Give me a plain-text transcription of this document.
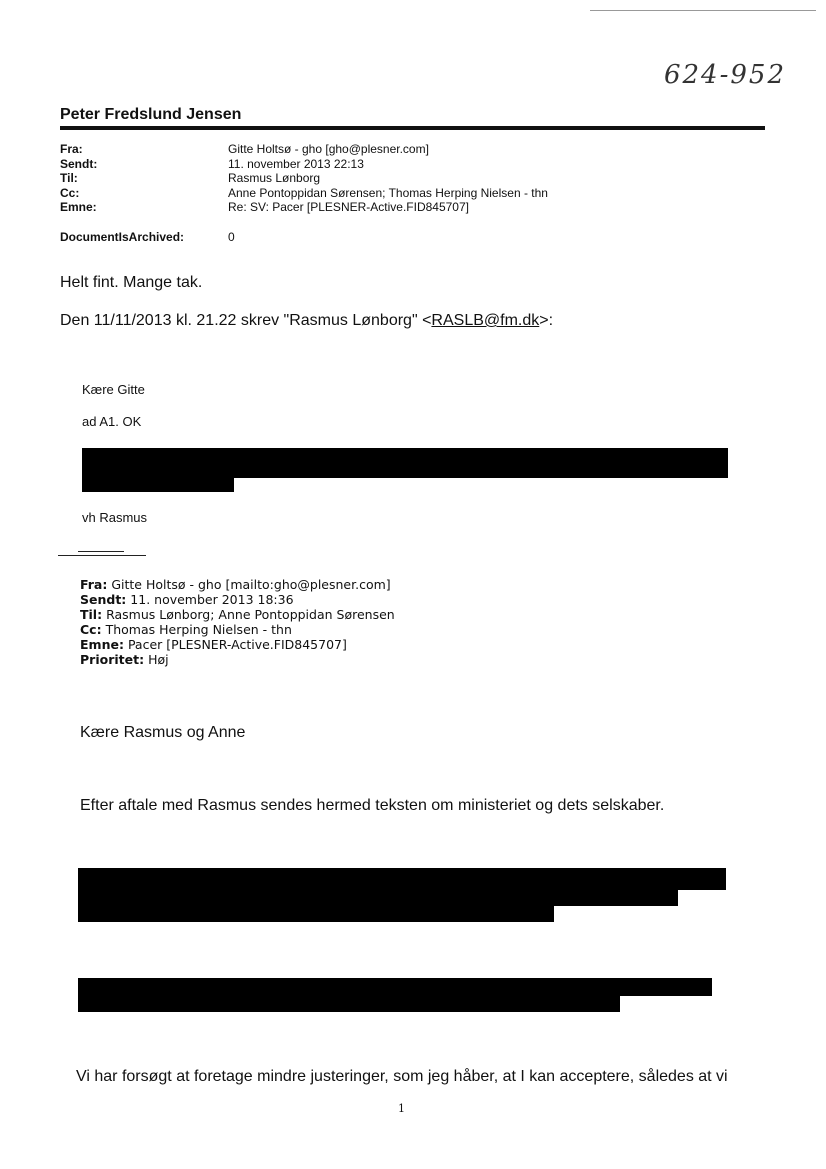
624-952
Peter Fredslund Jensen
Fra:	Gitte Holtsø - gho [gho@plesner.com]
Sendt:	11. november 2013 22:13
Til:	Rasmus Lønborg
Cc:	Anne Pontoppidan Sørensen; Thomas Herping Nielsen - thn
Emne:	Re: SV: Pacer [PLESNER-Active.FID845707]
DocumentIsArchived:	0
Helt fint. Mange tak.
Den 11/11/2013 kl. 21.22 skrev "Rasmus Lønborg" <RASLB@fm.dk>:
Kære Gitte
ad A1. OK
vh Rasmus
Fra: Gitte Holtsø - gho [mailto:gho@plesner.com]
Sendt: 11. november 2013 18:36
Til: Rasmus Lønborg; Anne Pontoppidan Sørensen
Cc: Thomas Herping Nielsen - thn
Emne: Pacer [PLESNER-Active.FID845707]
Prioritet: Høj
Kære Rasmus og Anne
Efter aftale med Rasmus sendes hermed teksten om ministeriet og dets selskaber.
Vi har forsøgt at foretage mindre justeringer, som jeg håber, at I kan acceptere, således at vi
1
